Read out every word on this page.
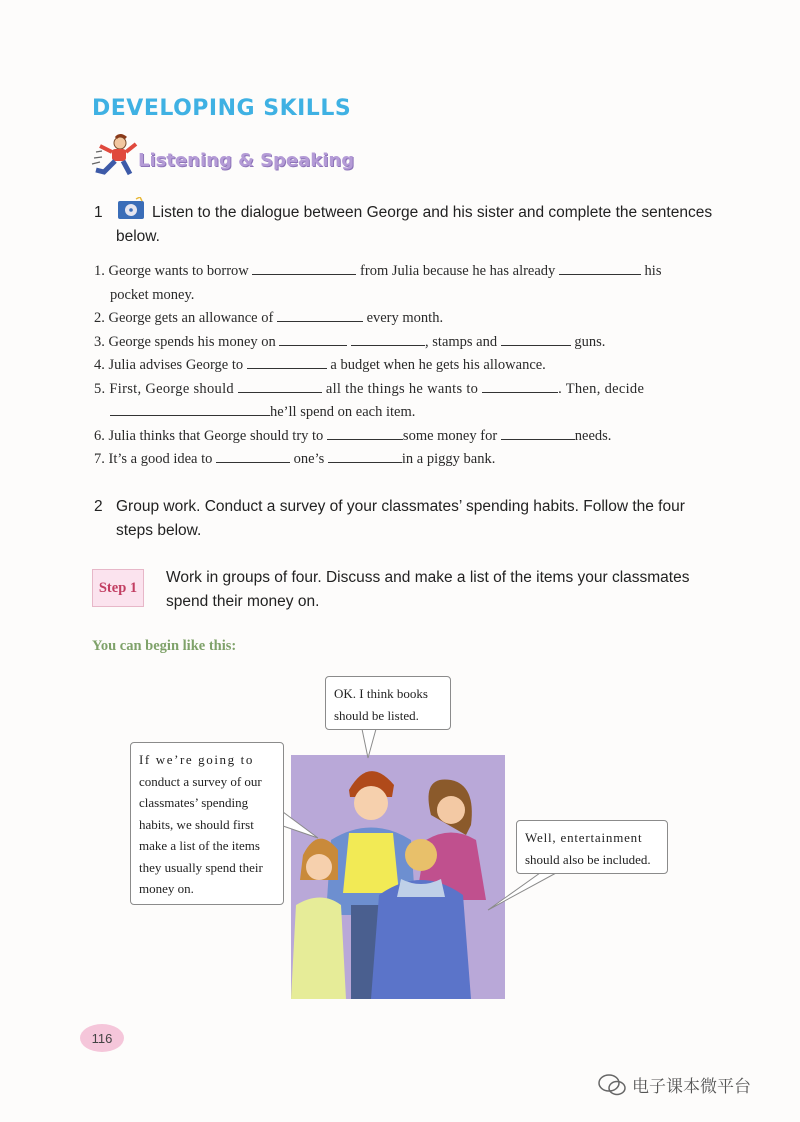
DEVELOPING SKILLS
Listening & Speaking
1	Listen to the dialogue between George and his sister and complete the sentences below.
1. George wants to borrow	from Julia because he has already	his
pocket money.
2. George gets an allowance of	every month.
3. George spends his money on	, stamps and	guns.
4. Julia advises George to	a budget when he gets his allowance.
5. First, George should	all the things he wants to	. Then, decide
he’ll spend on each item.
6. Julia thinks that George should try to	some money for	needs.
7. It’s a good idea to	one’s	in a piggy bank.
2 Group work. Conduct a survey of your classmates’ spending habits. Follow the four steps below.
Step 1
Work in groups of four. Discuss and make a list of the items your classmates spend their money on.
You can begin like this:
OK. I think books
should be listed.
If we’re going to
conduct a survey of our
classmates’ spending
habits, we should first
make a list of the items
they usually spend their
money on.
Well, entertainment
should also be included.
116
电子课本微平台
